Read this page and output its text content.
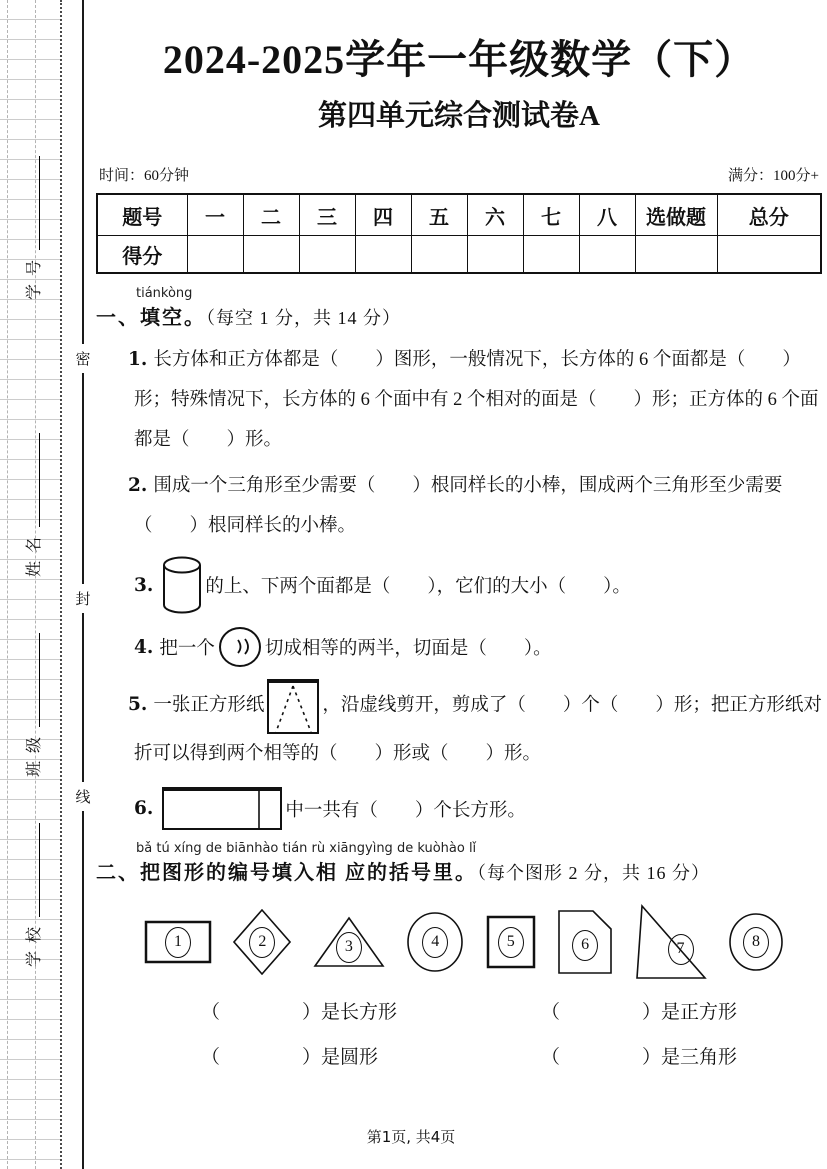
学号
姓名
班级
学校
密
封
线
2024-2025学年一年级数学（下）
第四单元综合测试卷A
时间：60分钟	满分：100分+
题号	一	二	三	四	五	六	七	八	选做题	总分
得分										
tiánkòng
一、填空。（每空 1 分，共 14 分）
1. 长方体和正方体都是（　　）图形，一般情况下，长方体的 6 个面都是（　　）形；特殊情况下，长方体的 6 个面中有 2 个相对的面是（　　）形；正方体的 6 个面都是（　　）形。
2. 围成一个三角形至少需要（　　）根同样长的小棒，围成两个三角形至少需要（　　）根同样长的小棒。
3.	的上、下两个面都是（　　），它们的大小（　　）。
4. 把一个	切成相等的两半，切面是（　　）。
5. 一张正方形纸	，沿虚线剪开，剪成了（　　）个（　　）形；把正方形纸对折可以得到两个相等的（　　）形或（　　）形。
6.	中一共有（　　）个长方形。
bǎ tú xíng de biānhào tián rù xiāngyìng de kuòhào lǐ
二、把图形的编号填入相 应的括号里。（每个图形 2 分，共 16 分）
1	2	3	4	5	6	7	8
（	）是长方形	（	）是正方形
（	）是圆形	（	）是三角形
第1页, 共4页
